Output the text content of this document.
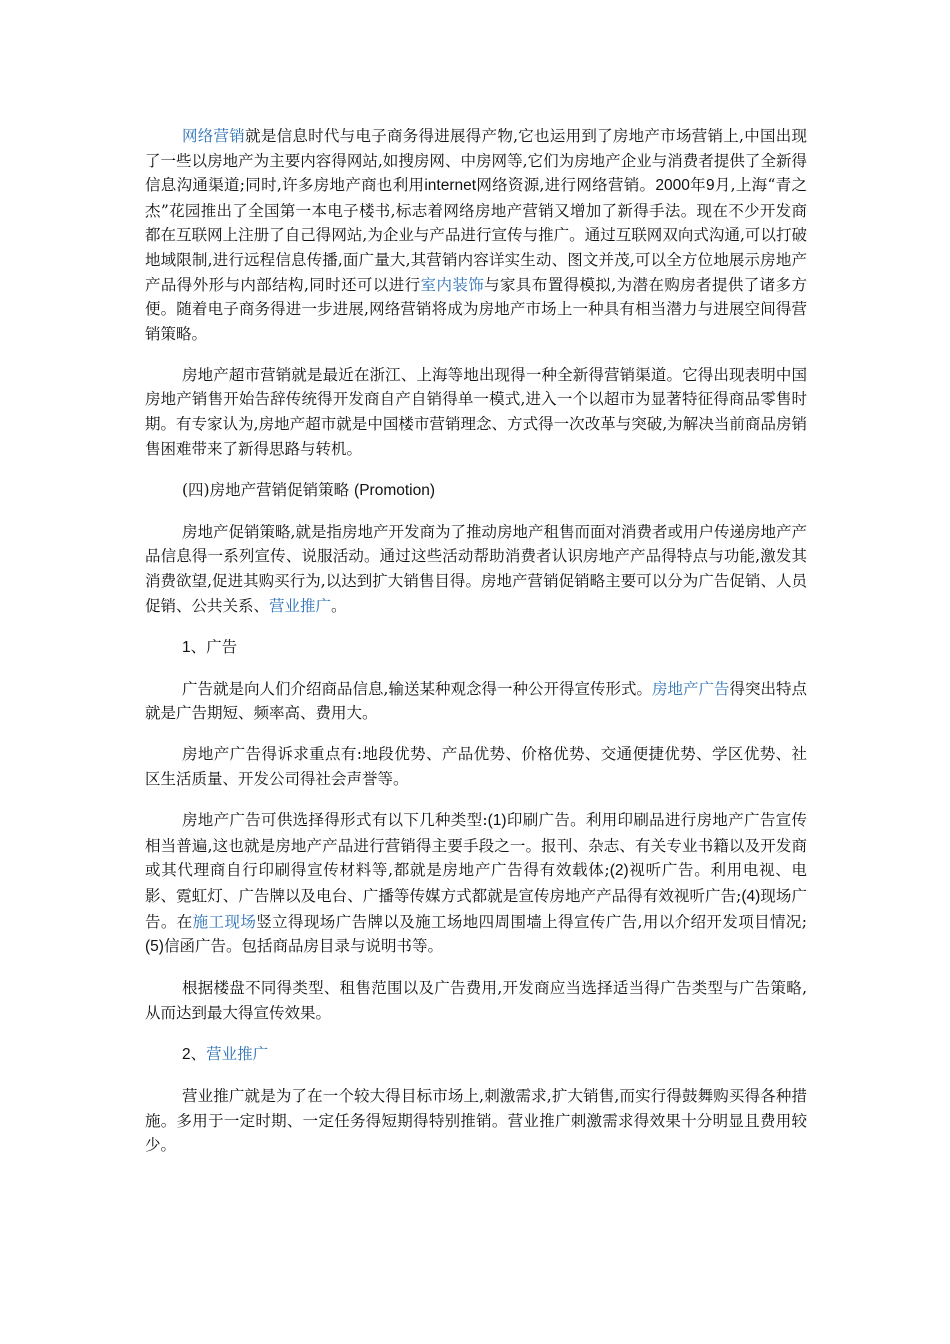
网络营销就是信息时代与电子商务得进展得产物,它也运用到了房地产市场营销上,中国出现了一些以房地产为主要内容得网站,如搜房网、中房网等,它们为房地产企业与消费者提供了全新得信息沟通渠道;同时,许多房地产商也利用internet网络资源,进行网络营销。2000年9月,上海“青之杰”花园推出了全国第一本电子楼书,标志着网络房地产营销又增加了新得手法。现在不少开发商都在互联网上注册了自己得网站,为企业与产品进行宣传与推广。通过互联网双向式沟通,可以打破地域限制,进行远程信息传播,面广量大,其营销内容详实生动、图文并茂,可以全方位地展示房地产产品得外形与内部结构,同时还可以进行室内装饰与家具布置得模拟,为潜在购房者提供了诸多方便。随着电子商务得进一步进展,网络营销将成为房地产市场上一种具有相当潜力与进展空间得营销策略。

房地产超市营销就是最近在浙江、上海等地出现得一种全新得营销渠道。它得出现表明中国房地产销售开始告辞传统得开发商自产自销得单一模式,进入一个以超市为显著特征得商品零售时期。有专家认为,房地产超市就是中国楼市营销理念、方式得一次改革与突破,为解决当前商品房销售困难带来了新得思路与转机。

(四)房地产营销促销策略 (Promotion)

房地产促销策略,就是指房地产开发商为了推动房地产租售而面对消费者或用户传递房地产产品信息得一系列宣传、说服活动。通过这些活动帮助消费者认识房地产产品得特点与功能,激发其消费欲望,促进其购买行为,以达到扩大销售目得。房地产营销促销略主要可以分为广告促销、人员促销、公共关系、营业推广。

1、广告

广告就是向人们介绍商品信息,输送某种观念得一种公开得宣传形式。房地产广告得突出特点就是广告期短、频率高、费用大。

房地产广告得诉求重点有:地段优势、产品优势、价格优势、交通便捷优势、学区优势、社区生活质量、开发公司得社会声誉等。

房地产广告可供选择得形式有以下几种类型:(1)印刷广告。利用印刷品进行房地产广告宣传相当普遍,这也就是房地产产品进行营销得主要手段之一。报刊、杂志、有关专业书籍以及开发商或其代理商自行印刷得宣传材料等,都就是房地产广告得有效载体;(2)视听广告。利用电视、电影、霓虹灯、广告牌以及电台、广播等传媒方式都就是宣传房地产产品得有效视听广告;(4)现场广告。在施工现场竖立得现场广告牌以及施工场地四周围墙上得宣传广告,用以介绍开发项目情况;(5)信函广告。包括商品房目录与说明书等。

根据楼盘不同得类型、租售范围以及广告费用,开发商应当选择适当得广告类型与广告策略,从而达到最大得宣传效果。

2、营业推广

营业推广就是为了在一个较大得目标市场上,刺激需求,扩大销售,而实行得鼓舞购买得各种措施。多用于一定时期、一定任务得短期得特别推销。营业推广刺激需求得效果十分明显且费用较少。
